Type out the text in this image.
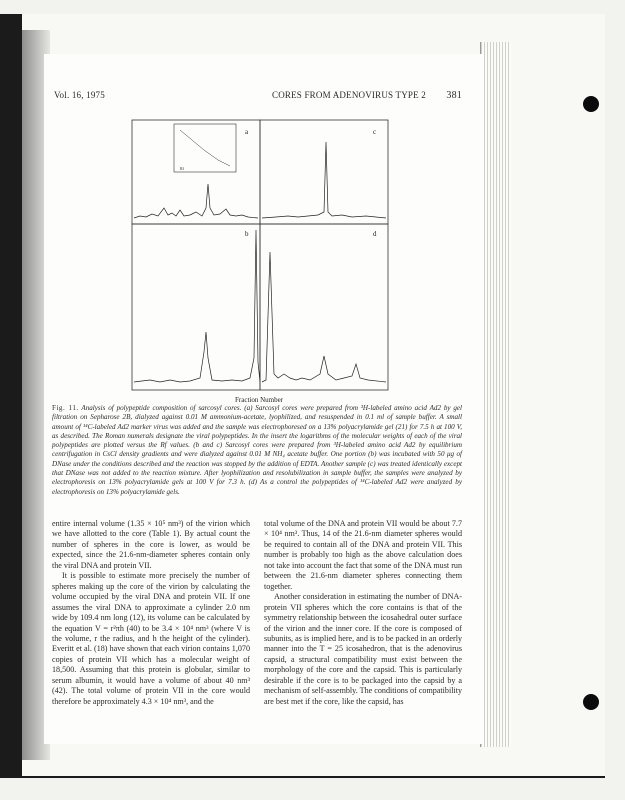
Vol. 16, 1975	CORES FROM ADENOVIRUS TYPE 2 381
a	c
b	d
Fraction Number
Rf
Fig. 11. Analysis of polypeptide composition of sarcosyl cores. (a) Sarcosyl cores were prepared from ³H-labeled amino acid Ad2 by gel filtration on Sepharose 2B, dialyzed against 0.01 M ammonium-acetate, lyophilized, and resuspended in 0.1 ml of sample buffer. A small amount of ¹⁴C-labeled Ad2 marker virus was added and the sample was electrophoresed on a 13% polyacrylamide gel (21) for 7.5 h at 100 V, as described. The Roman numerals designate the viral polypeptides. In the insert the logarithms of the molecular weights of each of the viral polypeptides are plotted versus the Rf values. (b and c) Sarcosyl cores were prepared from ³H-labeled amino acid Ad2 by equilibrium centrifugation in CsCl density gradients and were dialyzed against 0.01 M NH₄ acetate buffer. One portion (b) was incubated with 50 μg of DNase under the conditions described and the reaction was stopped by the addition of EDTA. Another sample (c) was treated identically except that DNase was not added to the reaction mixture. After lyophilization and resolubilization in sample buffer, the samples were analyzed by electrophoresis on 13% polyacrylamide gels at 100 V for 7.3 h. (d) As a control the polypeptides of ¹⁴C-labeled Ad2 were analyzed by electrophoresis on 13% polyacrylamide gels.

entire internal volume (1.35 × 10⁵ nm³) of the virion which we have allotted to the core (Table 1). By actual count the number of spheres in the core is lower, as would be expected, since the 21.6-nm-diameter spheres contain only the viral DNA and protein VII.

It is possible to estimate more precisely the number of spheres making up the core of the virion by calculating the volume occupied by the viral DNA and protein VII. If one assumes the viral DNA to approximate a cylinder 2.0 nm wide by 109.4 nm long (12), its volume can be calculated by the equation V = r²πh (40) to be 3.4 × 10⁴ nm³ (where V is the volume, r the radius, and h the height of the cylinder). Everitt et al. (18) have shown that each virion contains 1,070 copies of protein VII which has a molecular weight of 18,500. Assuming that this protein is globular, similar to serum albumin, it would have a volume of about 40 nm³ (42). The total volume of protein VII in the core would therefore be approximately 4.3 × 10⁴ nm³, and the

total volume of the DNA and protein VII would be about 7.7 × 10⁴ nm³. Thus, 14 of the 21.6-nm diameter spheres would be required to contain all of the DNA and protein VII. This number is probably too high as the above calculation does not take into account the fact that some of the DNA must run between the 21.6-nm diameter spheres connecting them together.

Another consideration in estimating the number of DNA-protein VII spheres which the core contains is that of the symmetry relationship between the icosahedral outer surface of the virion and the inner core. If the core is composed of subunits, as is implied here, and is to be packed in an orderly manner into the T = 25 icosahedron, that is the adenovirus capsid, a structural compatibility must exist between the morphology of the core and the capsid. This is particularly desirable if the core is to be packaged into the capsid by a mechanism of self-assembly. The conditions of compatibility are best met if the core, like the capsid, has
